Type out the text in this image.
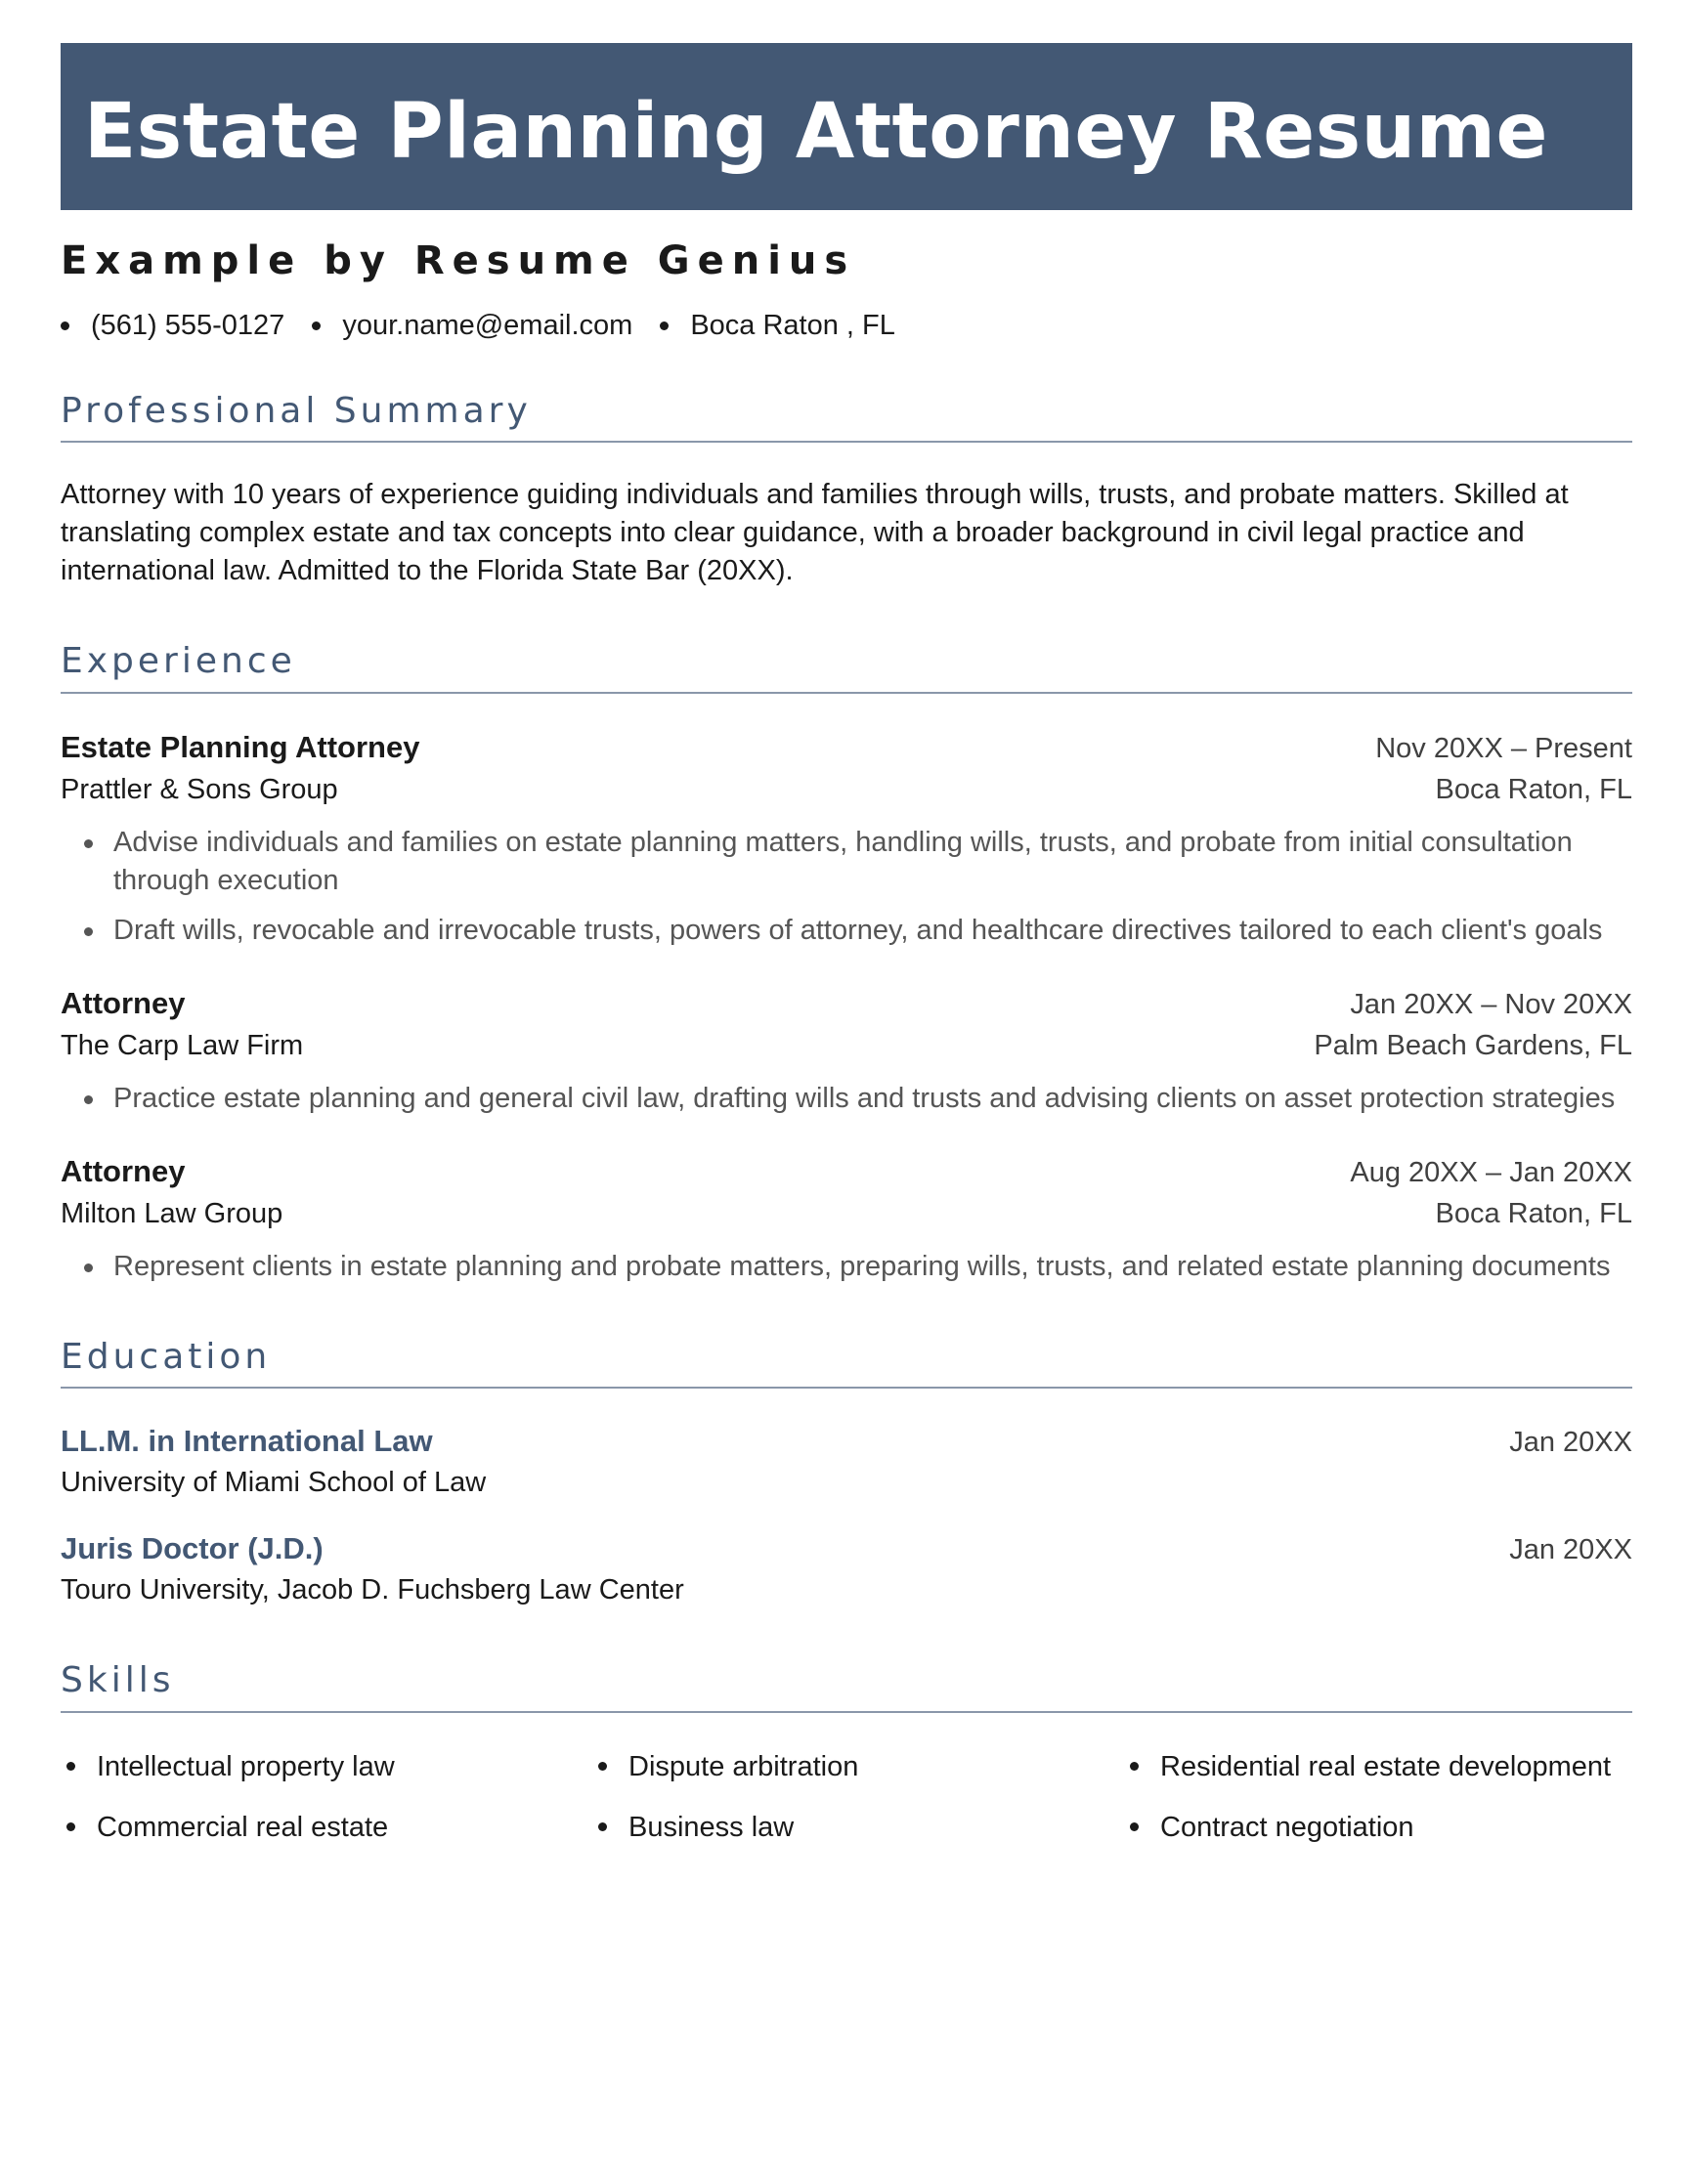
Estate Planning Attorney Resume
Example by Resume Genius
(561) 555-0127 your.name@email.com Boca Raton , FL
Professional Summary

Attorney with 10 years of experience guiding individuals and families through wills, trusts, and probate matters. Skilled at translating complex estate and tax concepts into clear guidance, with a broader background in civil legal practice and international law. Admitted to the Florida State Bar (20XX).

Experience
Estate Planning Attorney	Nov 20XX – Present
Prattler & Sons Group	Boca Raton, FL
Advise individuals and families on estate planning matters, handling wills, trusts, and probate from initial consultation through execution
Draft wills, revocable and irrevocable trusts, powers of attorney, and healthcare directives tailored to each client's goals
Attorney	Jan 20XX – Nov 20XX
The Carp Law Firm	Palm Beach Gardens, FL
Practice estate planning and general civil law, drafting wills and trusts and advising clients on asset protection strategies
Attorney	Aug 20XX – Jan 20XX
Milton Law Group	Boca Raton, FL
Represent clients in estate planning and probate matters, preparing wills, trusts, and related estate planning documents
Education
LL.M. in International Law	Jan 20XX
University of Miami School of Law
Juris Doctor (J.D.)	Jan 20XX
Touro University, Jacob D. Fuchsberg Law Center
Skills
Intellectual property law	Dispute arbitration	Residential real estate development
Commercial real estate	Business law	Contract negotiation
